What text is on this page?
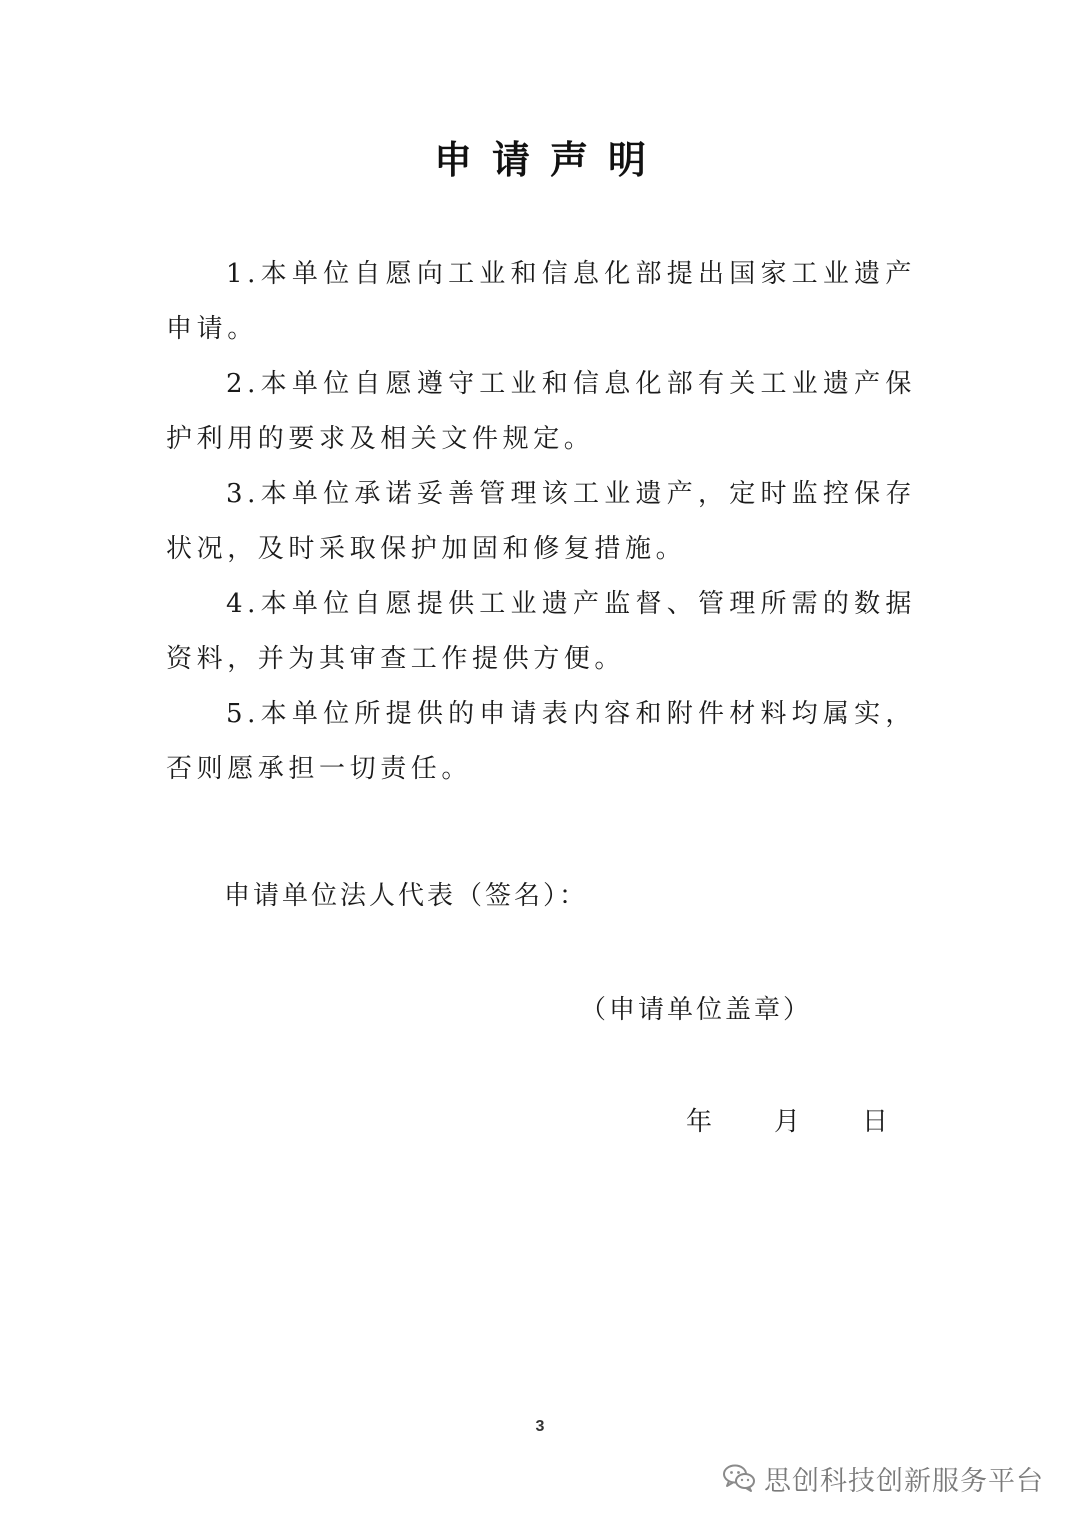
申请声明

1.本单位自愿向工业和信息化部提出国家工业遗产申请。

2.本单位自愿遵守工业和信息化部有关工业遗产保护利用的要求及相关文件规定。

3.本单位承诺妥善管理该工业遗产，定时监控保存状况，及时采取保护加固和修复措施。

4.本单位自愿提供工业遗产监督、管理所需的数据资料，并为其审查工作提供方便。

5.本单位所提供的申请表内容和附件材料均属实，否则愿承担一切责任。

申请单位法人代表（签名）：
（申请单位盖章）
年 月 日
3
思创科技创新服务平台
